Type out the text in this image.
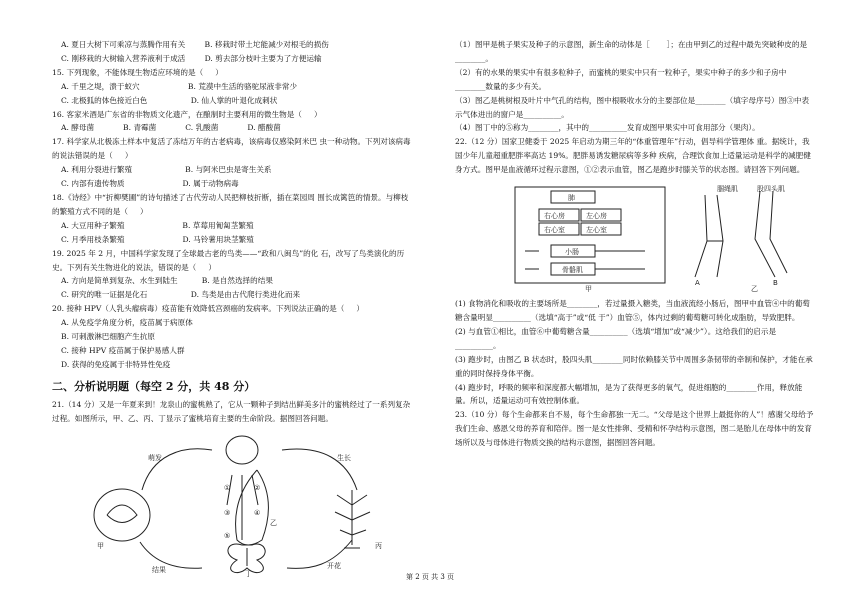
A. 夏日大树下可乘凉与蒸腾作用有关        B. 移栽时带土坨能减少对根毛的损伤

C. 刚移栽的大树输入营养液利于成活        D. 剪去部分枝叶主要为了方便运输

15. 下列现象，不能体现生物适应环境的是（     ）

A. 千里之堤，溃于蚁穴                    B. 荒漠中生活的骆驼尿液非常少

C. 北极狐的体色接近白色                  D. 仙人掌的叶退化成刺状

16. 客家米酒是广东省的非物质文化遗产，在酿制时主要利用的微生物是（     ）

A. 酵母菌            B. 青霉菌            C. 乳酸菌            D. 醋酸菌

17. 科学家从北极冻土样本中复活了冻结万年的古老病毒，该病毒仅感染阿米巴 虫一种动物。下列对该病毒的说法错误的是（     ）

A. 利用分裂进行繁殖                      B. 与阿米巴虫是寄生关系

C. 内部有遗传物质                        D. 属于动物病毒

18.《诗经》中“折柳樊圃”的诗句描述了古代劳动人民把柳枝折断，插在菜园周 围长成篱笆的情景。与柳枝的繁殖方式不同的是（     ）

A. 大豆用种子繁殖                        B. 草莓用匍匐茎繁殖

C. 月季用枝条繁殖                        D. 马铃薯用块茎繁殖

19. 2025 年 2 月，中国科学家发现了全球最古老的鸟类——“政和八闽鸟”的化 石，改写了鸟类演化的历史。下列有关生物进化的说法，错误的是（     ）

A. 方向是简单到复杂、水生到陆生          B. 是自然选择的结果

C. 研究的唯一证据是化石                  D. 鸟类是由古代爬行类进化而来

20. 接种 HPV（人乳头瘤病毒）疫苗能有效降低宫颈癌的发病率。下列说法正确的是（     ）

A. 从免疫学角度分析，疫苗属于病原体

B. 可刺激淋巴细胞产生抗原

C. 接种 HPV 疫苗属于保护易感人群

D. 获得的免疫属于非特异性免疫

二、分析说明题（每空 2 分，共 48 分）

21.（14 分）又是一年夏来到！龙泉山的蜜桃熟了，它从一颗种子到结出鲜美多汁的蜜桃经过了一系列复杂过程。如图所示，甲、乙、丙、丁显示了蜜桃培育主要的生命阶段。据图回答问题。

萌发	生长
开花
结果
甲
乙
丙
丁
①	②
③	④
⑤

（1）图甲是桃子果实及种子的示意图，新生命的动体是［       ］；在由甲到乙的过程中最先突破种皮的是________。

（2）有的水果的果实中有很多粒种子，而蜜桃的果实中只有一粒种子，果实中种子的多少和子房中________数量的多少有关。

（3）图乙是桃树根及叶片中气孔的结构，图中根吸收水分的主要部位是________（填字母序号）图③中表示气体进出的窗户是__________。

（4）图丁中的⑤称为________，其中的__________发育成图甲果实中可食用部分（果肉）。

22.（12 分）国家卫健委于 2025 年启动为期三年的“体重管理年”行动，倡导科学管理体 重。据统计，我国少年儿童超重肥胖率高达 19%。肥胖易诱发糖尿病等多种 疾病，合理饮食加上适量运动是科学的减肥健身方式。图甲是血液循环过程示意图，①②表示血管，图乙是跑步时膝关节的状态图。请回答下列问题。

肺
右心房	左心房
右心室	左心室
小肠
骨骼肌
甲	乙
腘绳肌	股四头肌
A	B

(1) 食物消化和吸收的主要场所是________，若过量摄入糖类，当血液流经小肠后，图甲中血管④中的葡萄糖含量明显__________（选填“高于”或“低 于”）血管⑤，体内过剩的葡萄糖可转化成脂肪，导致肥胖。

(2) 与血管①相比，血管⑥中葡萄糖含量__________（选填“增加”或“减少”）。这给我们的启示是__________。

(3) 跑步时，由图乙 B 状态时，股四头肌________同时依赖膝关节中周围多条韧带的牵制和保护，才能在承重的同时保持身体平衡。

(4) 跑步时，呼吸的频率和深度都大幅增加，是为了获得更多的氧气，促进细胞的________作用，释放能量。所以，适量运动可有效控制体重。

23.（10 分）每个生命都来自不易，每个生命都独一无二。“父母是这个世界上最挺你的人”！感谢父母给予我们生命、感恩父母的养育和陪伴。图一是女性排卵、受精和怀孕结构示意图，图二是胎儿在母体中的发育场所以及与母体进行物质交换的结构示意图，据图回答问题。

第 2 页 共 3 页
